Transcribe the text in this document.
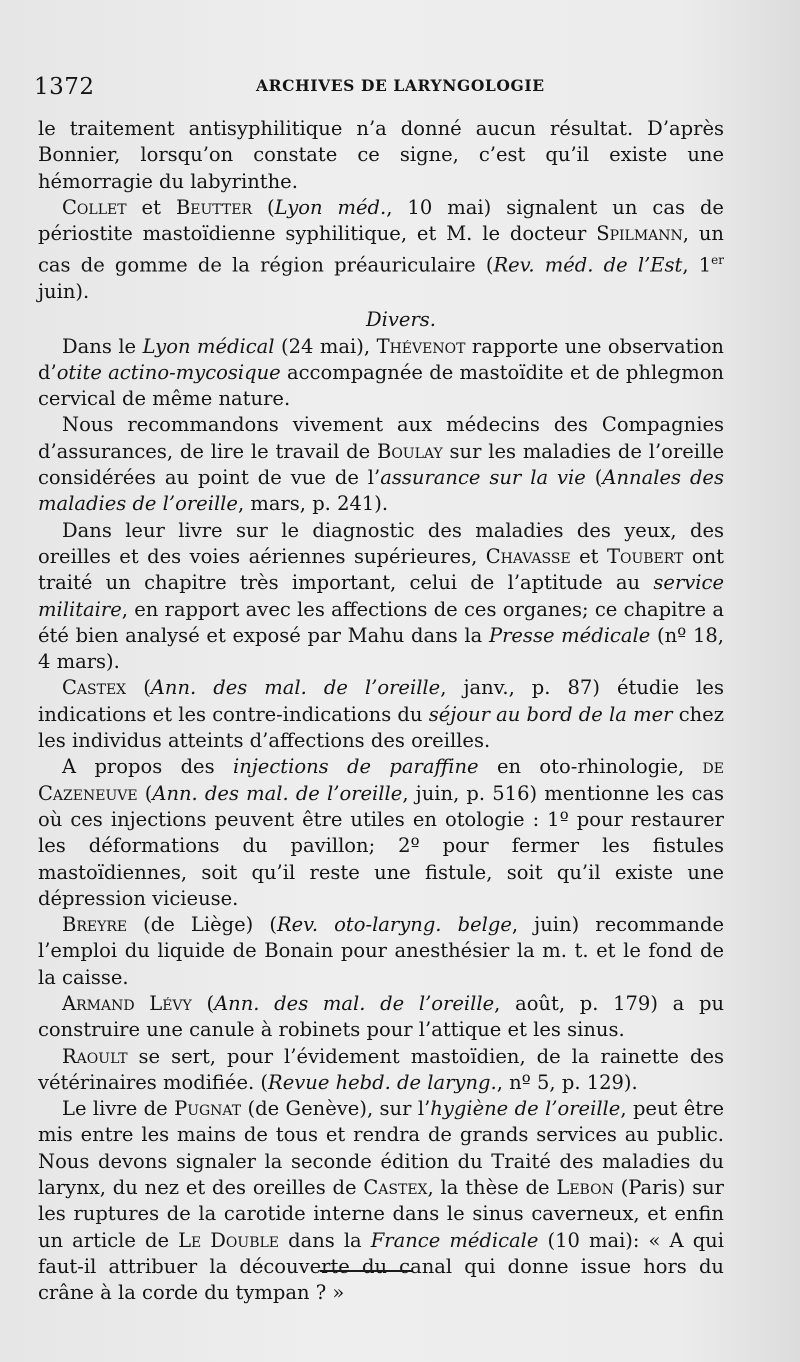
1372	ARCHIVES DE LARYNGOLOGIE

le traitement antisyphilitique n’a donné aucun résultat. D’après Bonnier, lorsqu’on constate ce signe, c’est qu’il existe une hémorragie du labyrinthe.

Collet et Beutter (Lyon méd., 10 mai) signalent un cas de périostite mastoïdienne syphilitique, et M. le docteur Spilmann, un cas de gomme de la région préauriculaire (Rev. méd. de l’Est, 1er juin).

Divers.

Dans le Lyon médical (24 mai), Thévenot rapporte une observation d’otite actino-mycosique accompagnée de mastoïdite et de phlegmon cervical de même nature.

Nous recommandons vivement aux médecins des Compagnies d’assurances, de lire le travail de Boulay sur les maladies de l’oreille considérées au point de vue de l’assurance sur la vie (Annales des maladies de l’oreille, mars, p. 241).

Dans leur livre sur le diagnostic des maladies des yeux, des oreilles et des voies aériennes supérieures, Chavasse et Toubert ont traité un chapitre très important, celui de l’aptitude au service militaire, en rapport avec les affections de ces organes; ce chapitre a été bien analysé et exposé par Mahu dans la Presse médicale (nº 18, 4 mars).

Castex (Ann. des mal. de l’oreille, janv., p. 87) étudie les indications et les contre-indications du séjour au bord de la mer chez les individus atteints d’affections des oreilles.

A propos des injections de paraffine en oto-rhinologie, de Cazeneuve (Ann. des mal. de l’oreille, juin, p. 516) mentionne les cas où ces injections peuvent être utiles en otologie : 1º pour restaurer les déformations du pavillon; 2º pour fermer les fistules mastoïdiennes, soit qu’il reste une fistule, soit qu’il existe une dépression vicieuse.

Breyre (de Liège) (Rev. oto-laryng. belge, juin) recommande l’emploi du liquide de Bonain pour anesthésier la m. t. et le fond de la caisse.

Armand Lévy (Ann. des mal. de l’oreille, août, p. 179) a pu construire une canule à robinets pour l’attique et les sinus.

Raoult se sert, pour l’évidement mastoïdien, de la rainette des vétérinaires modifiée. (Revue hebd. de laryng., nº 5, p. 129).

Le livre de Pugnat (de Genève), sur l’hygiène de l’oreille, peut être mis entre les mains de tous et rendra de grands services au public. Nous devons signaler la seconde édition du Traité des maladies du larynx, du nez et des oreilles de Castex, la thèse de Lebon (Paris) sur les ruptures de la carotide interne dans le sinus caverneux, et enfin un article de Le Double dans la France médicale (10 mai): « A qui faut-il attribuer la découverte du canal qui donne issue hors du crâne à la corde du tympan ? »
